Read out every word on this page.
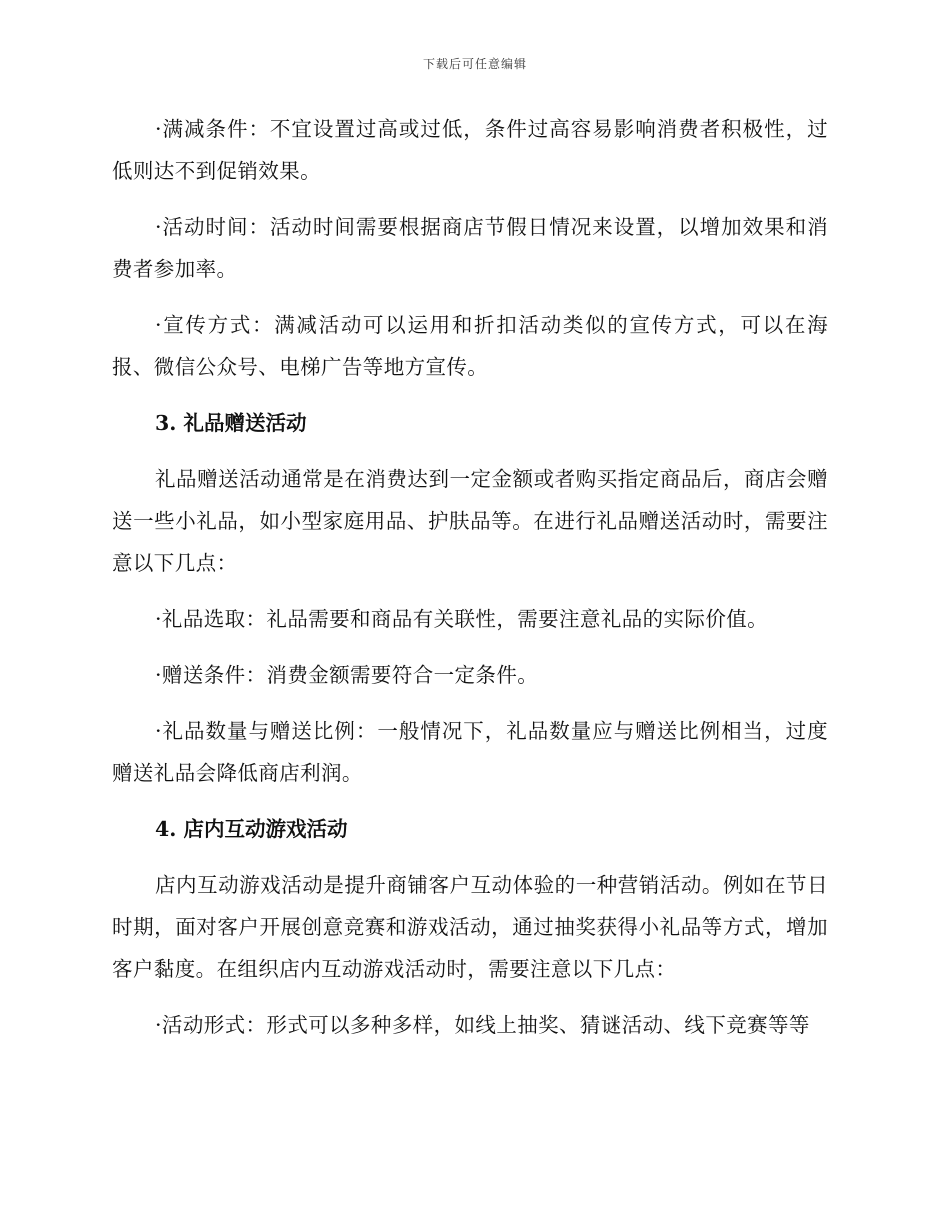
下载后可任意编辑

·满减条件：不宜设置过高或过低，条件过高容易影响消费者积极性，过低则达不到促销效果。

·活动时间：活动时间需要根据商店节假日情况来设置，以增加效果和消费者参加率。

·宣传方式：满减活动可以运用和折扣活动类似的宣传方式，可以在海报、微信公众号、电梯广告等地方宣传。

3. 礼品赠送活动

礼品赠送活动通常是在消费达到一定金额或者购买指定商品后，商店会赠送一些小礼品，如小型家庭用品、护肤品等。在进行礼品赠送活动时，需要注意以下几点：

·礼品选取：礼品需要和商品有关联性，需要注意礼品的实际价值。

·赠送条件：消费金额需要符合一定条件。

·礼品数量与赠送比例：一般情况下，礼品数量应与赠送比例相当，过度赠送礼品会降低商店利润。

4. 店内互动游戏活动

店内互动游戏活动是提升商铺客户互动体验的一种营销活动。例如在节日时期，面对客户开展创意竞赛和游戏活动，通过抽奖获得小礼品等方式，增加客户黏度。在组织店内互动游戏活动时，需要注意以下几点：

·活动形式：形式可以多种多样，如线上抽奖、猜谜活动、线下竞赛等等
